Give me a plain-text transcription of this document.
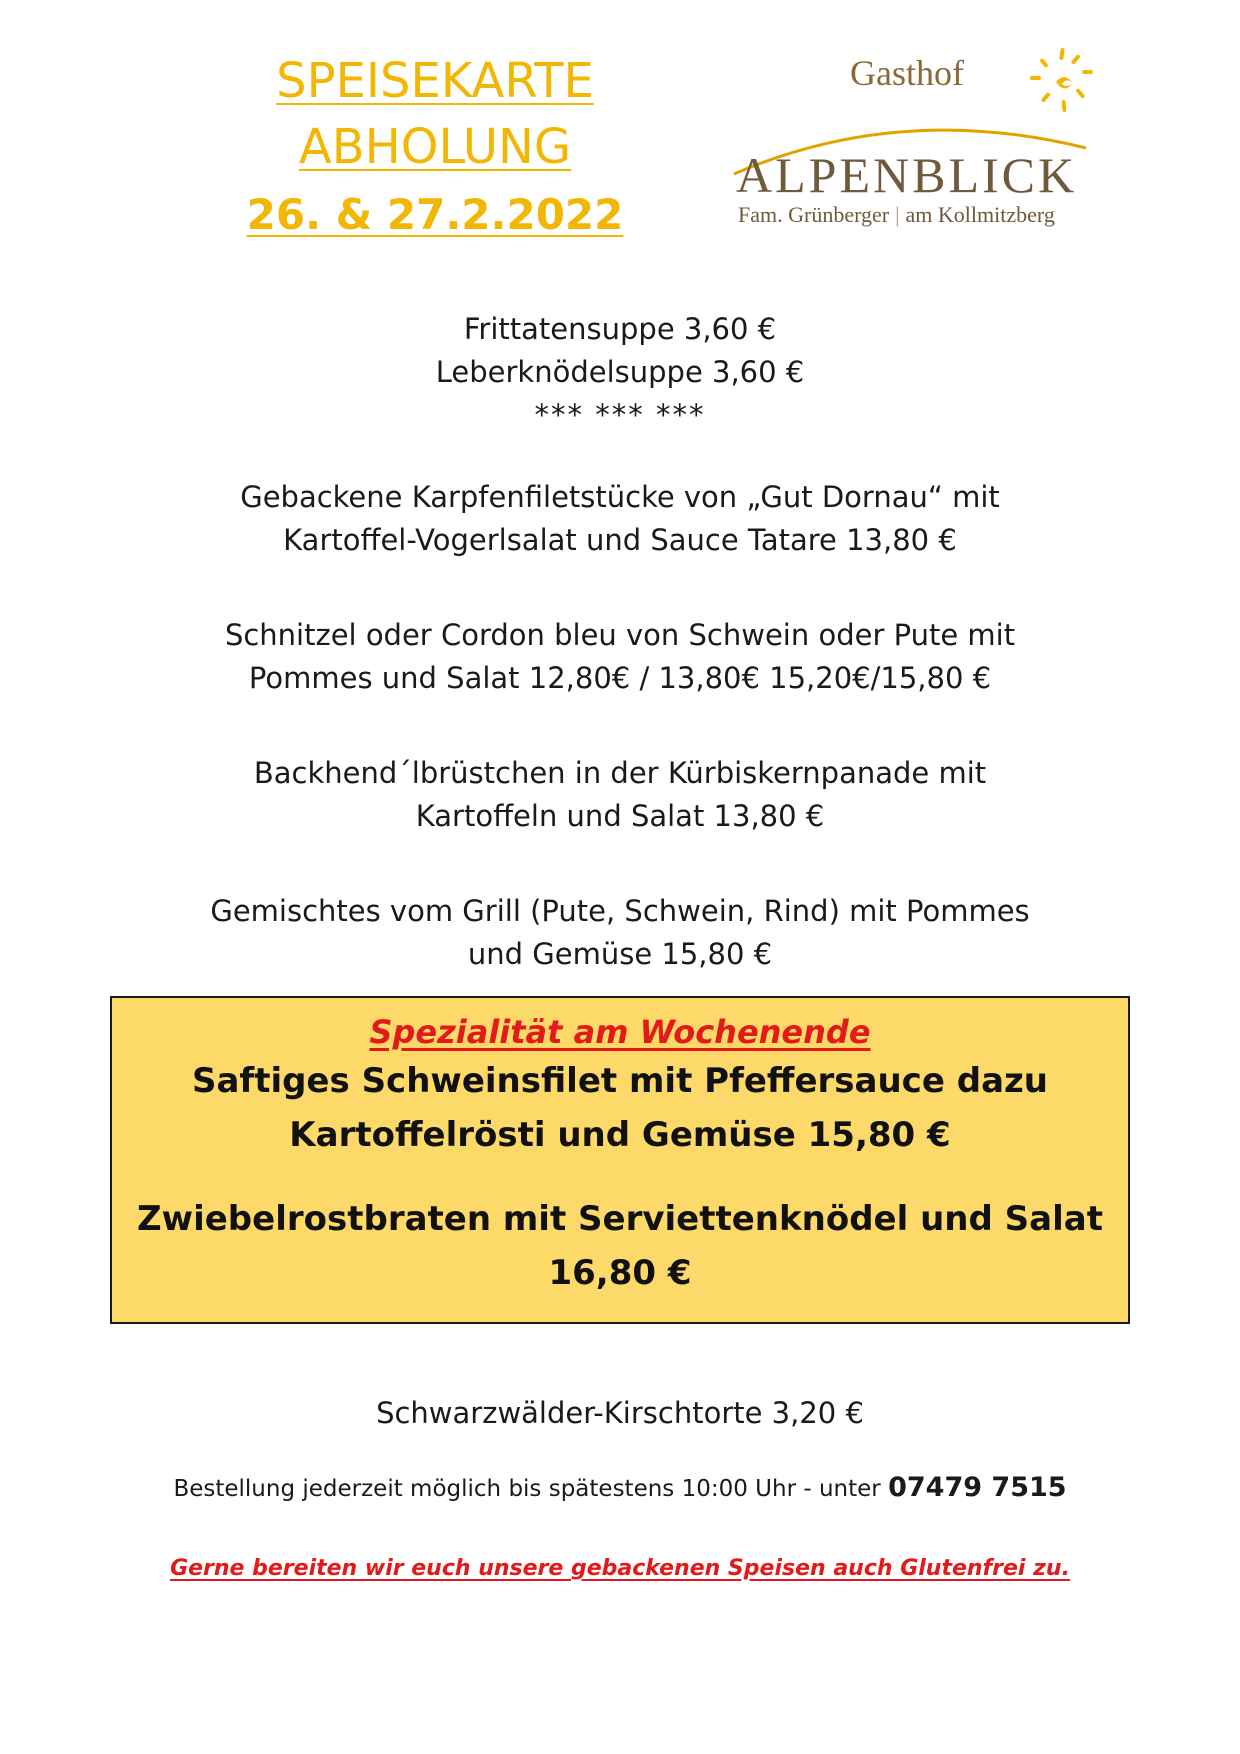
SPEISEKARTE
ABHOLUNG
26. & 27.2.2022
Gasthof
ALPENBLICK
Fam. Grünberger | am Kollmitzberg
Frittatensuppe 3,60 €
Leberknödelsuppe 3,60 €
*** *** ***
Gebackene Karpfenfiletstücke von „Gut Dornau“ mit
Kartoffel-Vogerlsalat und Sauce Tatare 13,80 €
Schnitzel oder Cordon bleu von Schwein oder Pute mit
Pommes und Salat 12,80€ / 13,80€ 15,20€/15,80 €
Backhend´lbrüstchen in der Kürbiskernpanade mit
Kartoffeln und Salat 13,80 €
Gemischtes vom Grill (Pute, Schwein, Rind) mit Pommes
und Gemüse 15,80 €
Spezialität am Wochenende
Saftiges Schweinsfilet mit Pfeffersauce dazu
Kartoffelrösti und Gemüse 15,80 €
Zwiebelrostbraten mit Serviettenknödel und Salat
16,80 €
Schwarzwälder-Kirschtorte 3,20 €
Bestellung jederzeit möglich bis spätestens 10:00 Uhr - unter 07479 7515
Gerne bereiten wir euch unsere gebackenen Speisen auch Glutenfrei zu.
